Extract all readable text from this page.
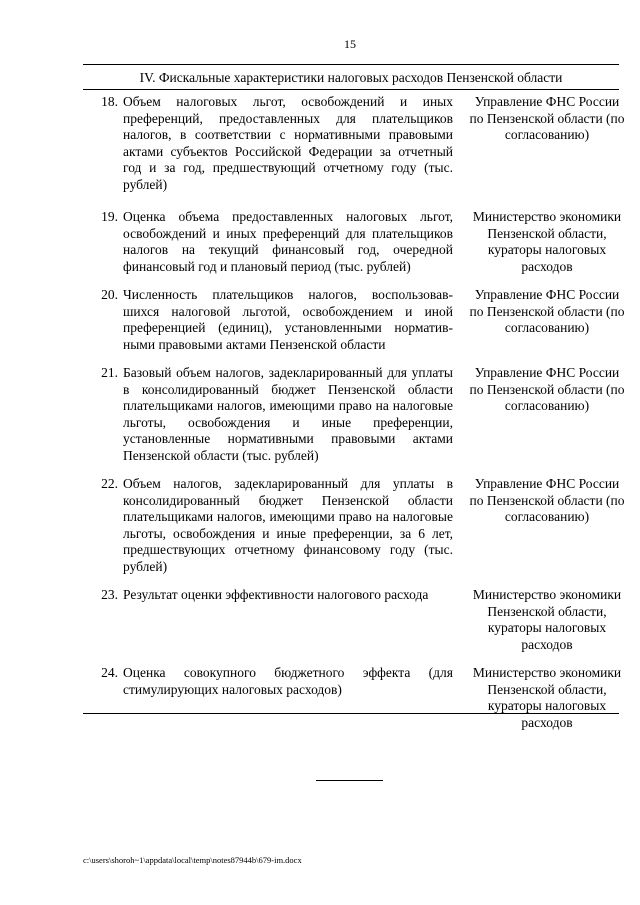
15
IV. Фискальные характеристики налоговых расходов Пензенской области
18. Объем налоговых льгот, освобождений и иных преференций, предоставленных для плательщиков налогов, в соответствии с нормативными правовыми актами субъектов Российской Федерации за отчетный год и за год, предшествующий отчетному году (тыс. рублей)
Управление ФНС России по Пензенской области (по согласованию)
19. Оценка объема предоставленных налоговых льгот, освобождений и иных преференций для плательщиков налогов на текущий финансовый год, очередной финансовый год и плановый период (тыс. рублей)
Министерство экономики Пензенской области, кураторы налоговых расходов
20. Численность плательщиков налогов, воспользовав-шихся налоговой льготой, освобождением и иной преференцией (единиц), установленными норматив-ными правовыми актами Пензенской области
Управление ФНС России по Пензенской области (по согласованию)
21. Базовый объем налогов, задекларированный для уплаты в консолидированный бюджет Пензенской области плательщиками налогов, имеющими право на налоговые льготы, освобождения и иные преференции, установленные нормативными правовыми актами Пензенской области (тыс. рублей)
Управление ФНС России по Пензенской области (по согласованию)
22. Объем налогов, задекларированный для уплаты в консолидированный бюджет Пензенской области плательщиками налогов, имеющими право на налоговые льготы, освобождения и иные преференции, за 6 лет, предшествующих отчетному финансовому году (тыс. рублей)
Управление ФНС России по Пензенской области (по согласованию)
23. Результат оценки эффективности налогового расхода	Министерство экономики Пензенской области, кураторы налоговых расходов
24. Оценка совокупного бюджетного эффекта (для стимулирующих налоговых расходов)
Министерство экономики Пензенской области, кураторы налоговых расходов
c:\users\shoroh~1\appdata\local\temp\notes87944b\679-im.docx
